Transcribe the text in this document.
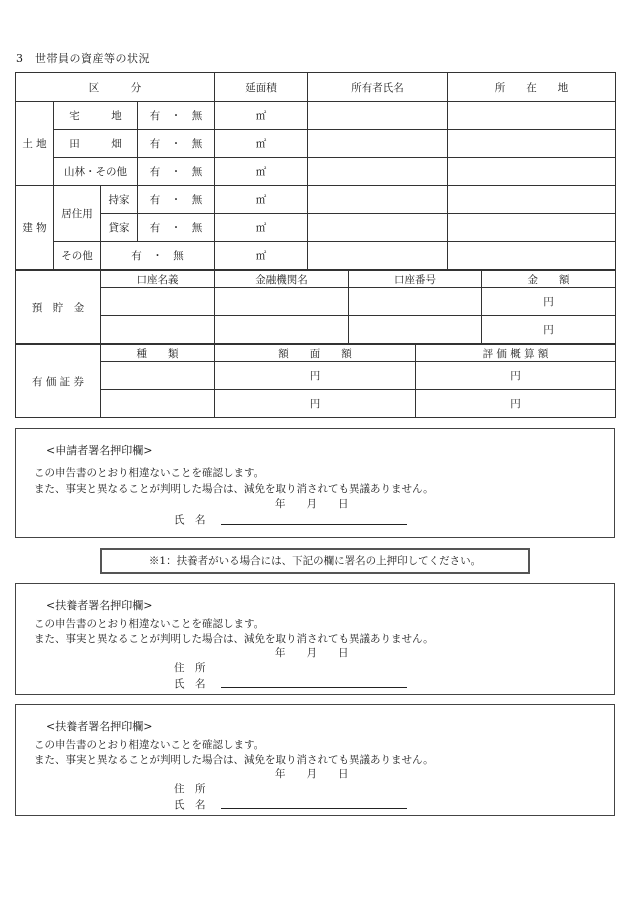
3　世帯員の資産等の状況
区　　　分				延面積	所有者氏名	所　　在　　地
土 地	宅　　　地		有　・　無	㎡		
	田　　　畑		有　・　無	㎡		
	山林・その他		有　・　無	㎡		
建 物	居住用	持家	有　・　無	㎡		
		貸家	有　・　無	㎡		
	その他	有　・　無		㎡		
預　貯　金	口座名義	金融機関名	口座番号	金　　額
				円
				円
有 価 証 券	種　　類	額　　面　　額	評 価 概 算 額
		円	円
		円	円
<申請者署名押印欄>
この申告書のとおり相違ないことを確認します。
また、事実と異なることが判明した場合は、減免を取り消されても異議ありません。
年　　月　　日
氏　名
※1：扶養者がいる場合には、下記の欄に署名の上押印してください。
<扶養者署名押印欄>
この申告書のとおり相違ないことを確認します。
また、事実と異なることが判明した場合は、減免を取り消されても異議ありません。
年　　月　　日
住　所
氏　名
<扶養者署名押印欄>
この申告書のとおり相違ないことを確認します。
また、事実と異なることが判明した場合は、減免を取り消されても異議ありません。
年　　月　　日
住　所
氏　名
